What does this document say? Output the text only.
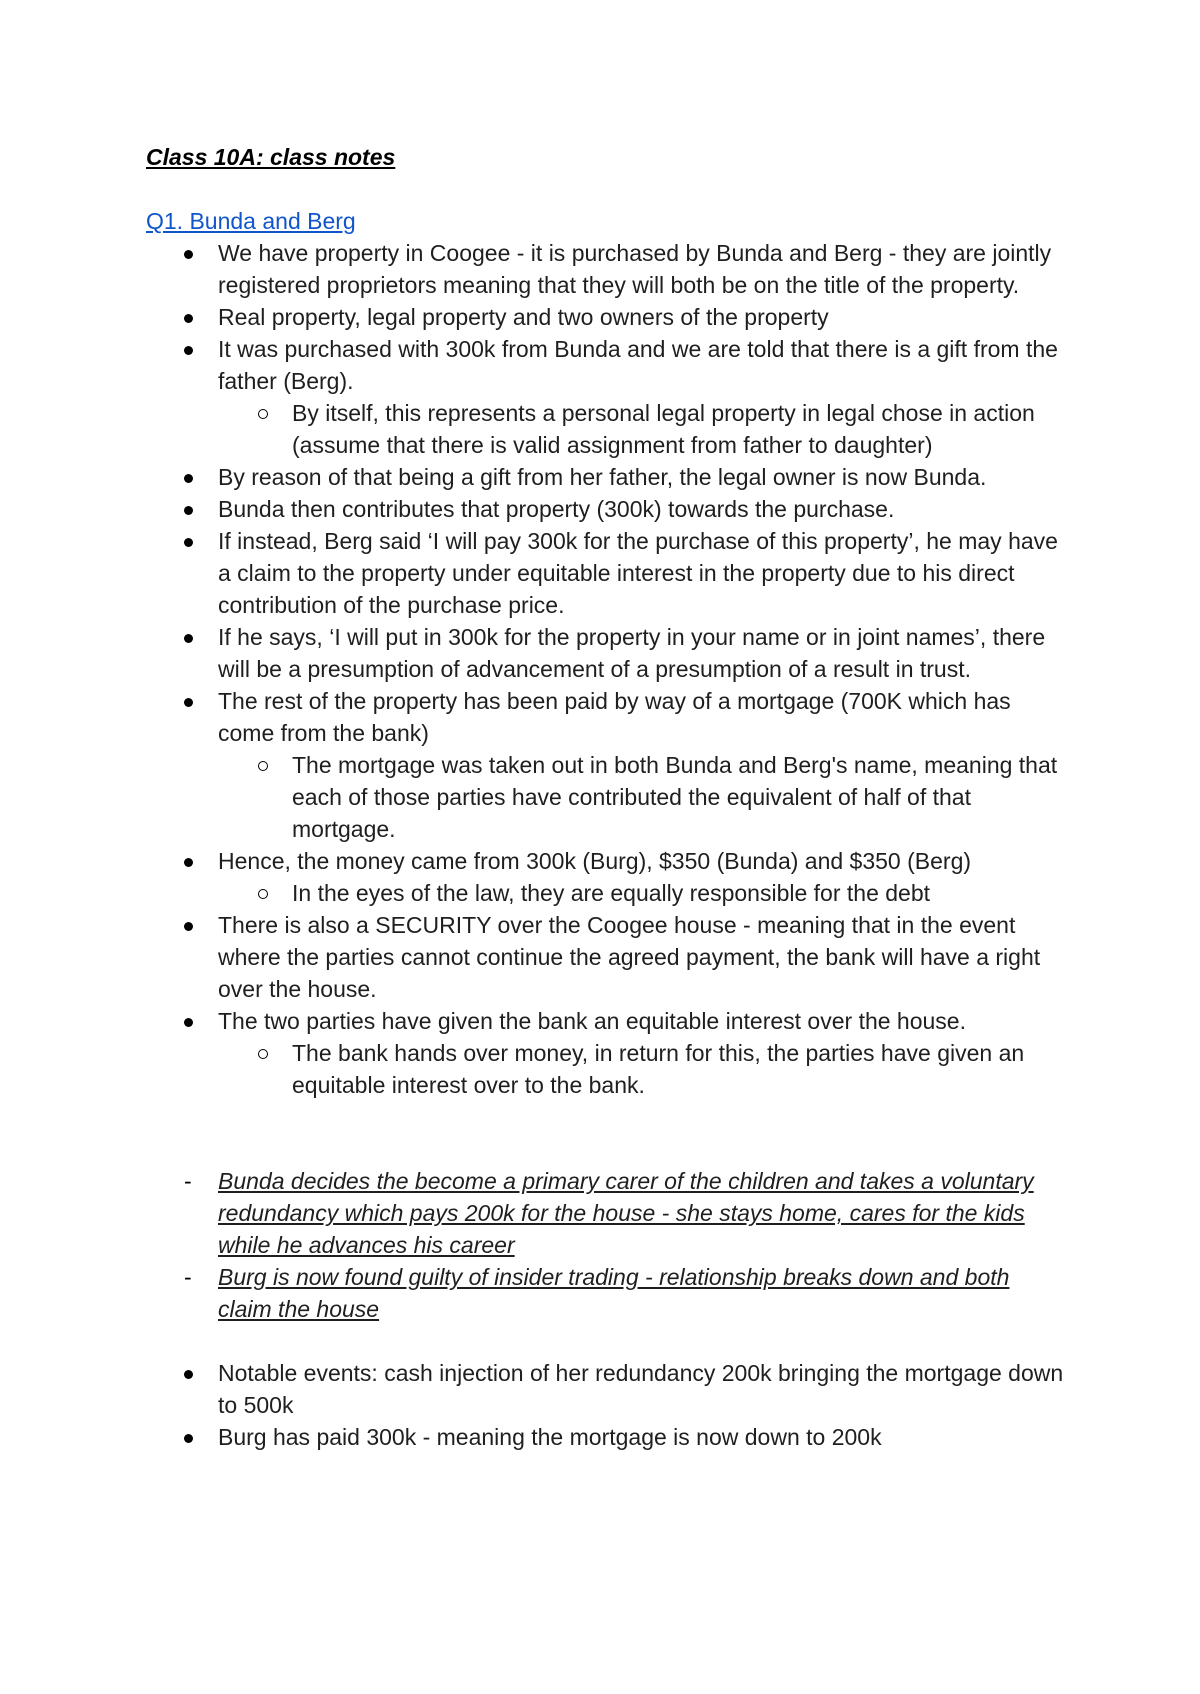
Class 10A: class notes
Q1. Bunda and Berg
We have property in Coogee - it is purchased by Bunda and Berg - they are jointly registered proprietors meaning that they will both be on the title of the property.
Real property, legal property and two owners of the property
It was purchased with 300k from Bunda and we are told that there is a gift from the father (Berg).
By itself, this represents a personal legal property in legal chose in action (assume that there is valid assignment from father to daughter)
By reason of that being a gift from her father, the legal owner is now Bunda.
Bunda then contributes that property (300k) towards the purchase.
If instead, Berg said ‘I will pay 300k for the purchase of this property’, he may have a claim to the property under equitable interest in the property due to his direct contribution of the purchase price.
If he says, ‘I will put in 300k for the property in your name or in joint names’, there will be a presumption of advancement of a presumption of a result in trust.
The rest of the property has been paid by way of a mortgage (700K which has come from the bank)
The mortgage was taken out in both Bunda and Berg's name, meaning that each of those parties have contributed the equivalent of half of that mortgage.
Hence, the money came from 300k (Burg), $350 (Bunda) and $350 (Berg)
In the eyes of the law, they are equally responsible for the debt
There is also a SECURITY over the Coogee house - meaning that in the event where the parties cannot continue the agreed payment, the bank will have a right over the house.
The two parties have given the bank an equitable interest over the house.
The bank hands over money, in return for this, the parties have given an equitable interest over to the bank.
- Bunda decides the become a primary carer of the children and takes a voluntary redundancy which pays 200k for the house - she stays home, cares for the kids while he advances his career
- Burg is now found guilty of insider trading - relationship breaks down and both claim the house
Notable events: cash injection of her redundancy 200k bringing the mortgage down to 500k
Burg has paid 300k - meaning the mortgage is now down to 200k
